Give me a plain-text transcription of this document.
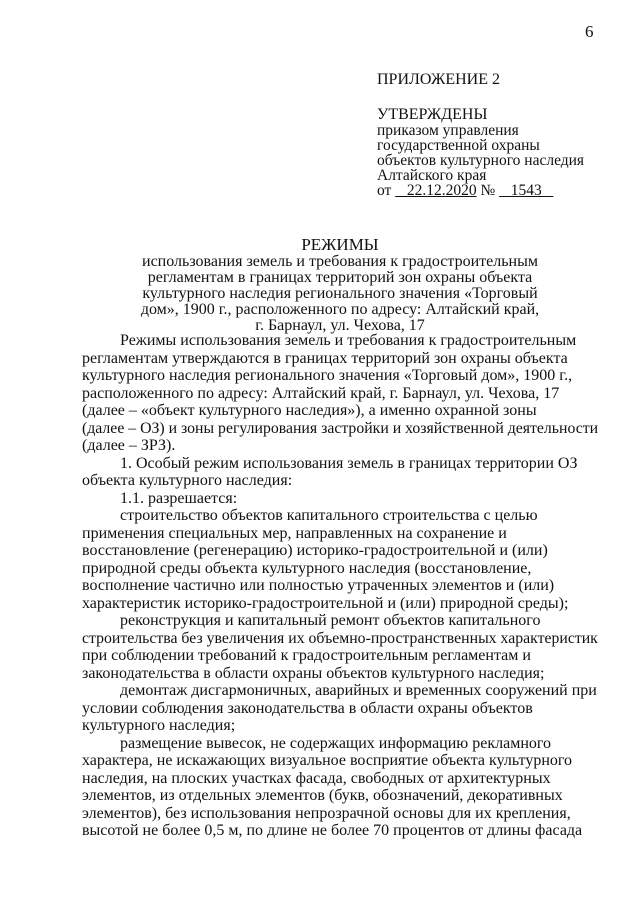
6
ПРИЛОЖЕНИЕ 2
УТВЕРЖДЕНЫ
приказом управления
государственной охраны
объектов культурного наследия
Алтайского края
от    22.12.2020 №    1543
РЕЖИМЫ
использования земель и требования к градостроительным
регламентам в границах территорий зон охраны объекта
культурного наследия регионального значения «Торговый
дом», 1900 г., расположенного по адресу: Алтайский край,
г. Барнаул, ул. Чехова, 17

Режимы использования земель и требования к градостроительным

регламентам утверждаются в границах территорий зон охраны объекта

культурного наследия регионального значения «Торговый дом», 1900 г.,

расположенного по адресу: Алтайский край, г. Барнаул, ул. Чехова, 17

(далее – «объект культурного наследия»), а именно охранной зоны

(далее – ОЗ) и зоны регулирования застройки и хозяйственной деятельности

(далее – ЗРЗ).

1. Особый режим использования земель в границах территории ОЗ

объекта культурного наследия:

1.1. разрешается:

строительство объектов капитального строительства с целью

применения специальных мер, направленных на сохранение и

восстановление (регенерацию) историко-градостроительной и (или)

природной среды объекта культурного наследия (восстановление,

восполнение частично или полностью утраченных элементов и (или)

характеристик историко-градостроительной и (или) природной среды);

реконструкция и капитальный ремонт объектов капитального

строительства без увеличения их объемно-пространственных характеристик

при соблюдении требований к градостроительным регламентам и

законодательства в области охраны объектов культурного наследия;

демонтаж дисгармоничных, аварийных и временных сооружений при

условии соблюдения законодательства в области охраны объектов

культурного наследия;

размещение вывесок, не содержащих информацию рекламного

характера, не искажающих визуальное восприятие объекта культурного

наследия, на плоских участках фасада, свободных от архитектурных

элементов, из отдельных элементов (букв, обозначений, декоративных

элементов), без использования непрозрачной основы для их крепления,

высотой не более 0,5 м, по длине не более 70 процентов от длины фасада
